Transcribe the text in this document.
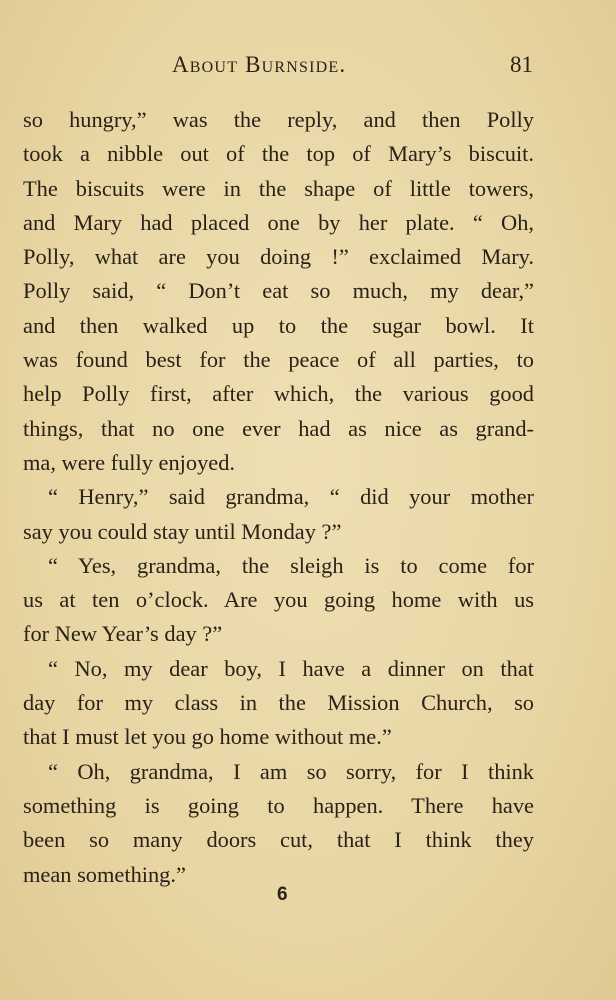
About Burnside.	81
so hungry,” was the reply, and then Polly
took a nibble out of the top of Mary’s biscuit.
The biscuits were in the shape of little towers,
and Mary had placed one by her plate. “ Oh,
Polly, what are you doing !” exclaimed Mary.
Polly said, “ Don’t eat so much, my dear,”
and then walked up to the sugar bowl. It
was found best for the peace of all parties, to
help Polly first, after which, the various good
things, that no one ever had as nice as grand-
ma, were fully enjoyed.
“ Henry,” said grandma, “ did your mother
say you could stay until Monday ?”
“ Yes, grandma, the sleigh is to come for
us at ten o’clock. Are you going home with us
for New Year’s day ?”
“ No, my dear boy, I have a dinner on that
day for my class in the Mission Church, so
that I must let you go home without me.”
“ Oh, grandma, I am so sorry, for I think
something is going to happen. There have
been so many doors cut, that I think they
mean something.”
6
